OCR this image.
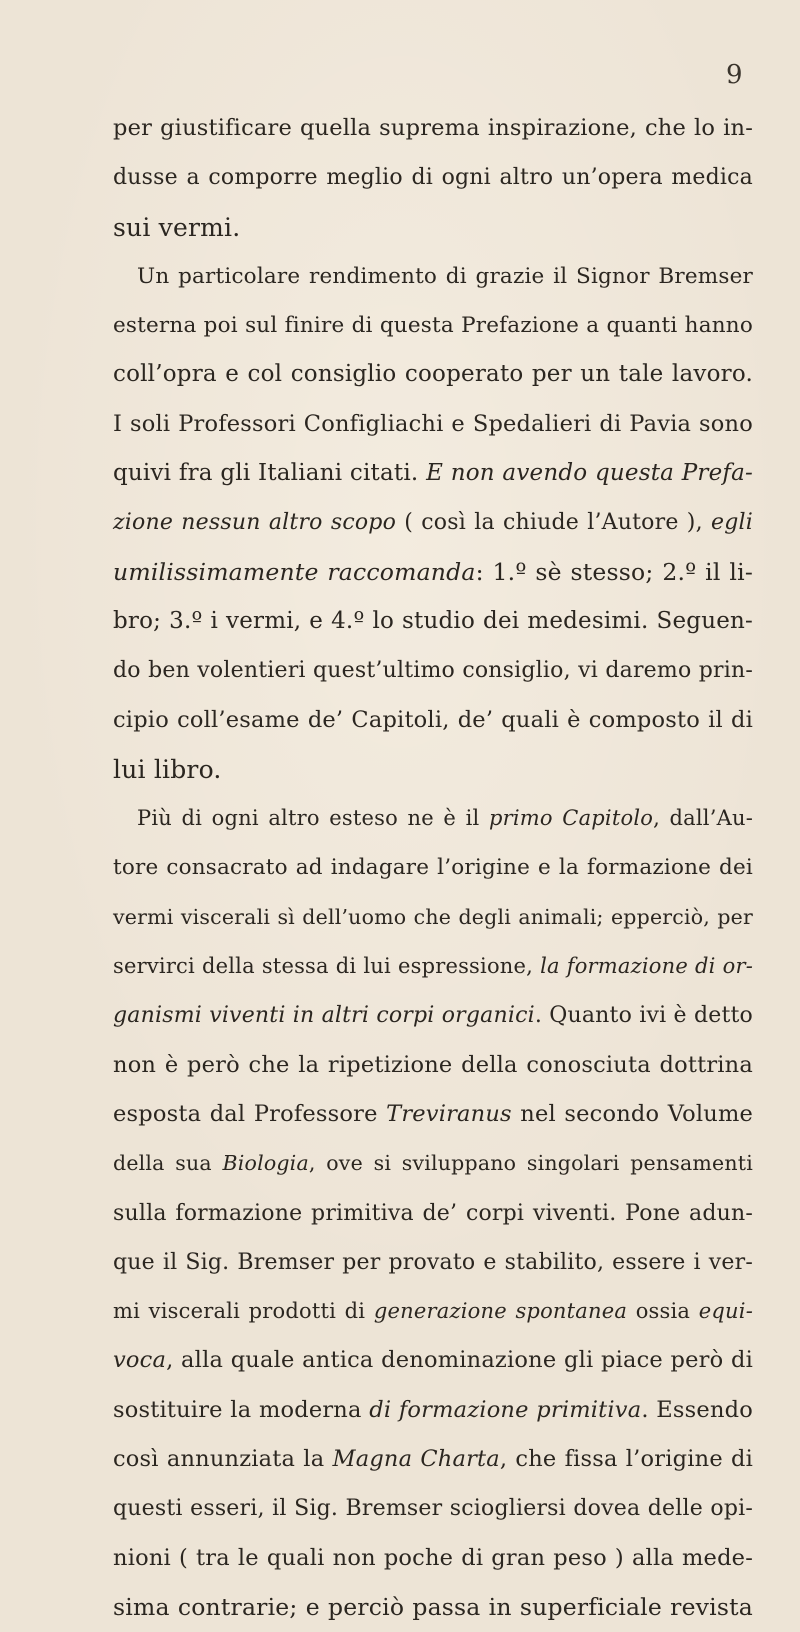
9
per giustificare quella suprema inspirazione, che lo in-
dusse a comporre meglio di ogni altro un’opera medica
sui vermi.
Un particolare rendimento di grazie il Signor Bremser
esterna poi sul finire di questa Prefazione a quanti hanno
coll’opra e col consiglio cooperato per un tale lavoro.
I soli Professori Configliachi e Spedalieri di Pavia sono
quivi fra gli Italiani citati. E non avendo questa Prefa-
zione nessun altro scopo ( così la chiude l’Autore ), egli
umilissimamente raccomanda: 1.º sè stesso; 2.º il li-
bro; 3.º i vermi, e 4.º lo studio dei medesimi. Seguen-
do ben volentieri quest’ultimo consiglio, vi daremo prin-
cipio coll’esame de’ Capitoli, de’ quali è composto il di
lui libro.
Più di ogni altro esteso ne è il primo Capitolo, dall’Au-
tore consacrato ad indagare l’origine e la formazione dei
vermi viscerali sì dell’uomo che degli animali; epperciò, per
servirci della stessa di lui espressione, la formazione di or-
ganismi viventi in altri corpi organici. Quanto ivi è detto
non è però che la ripetizione della conosciuta dottrina
esposta dal Professore Treviranus nel secondo Volume
della sua Biologia, ove si sviluppano singolari pensamenti
sulla formazione primitiva de’ corpi viventi. Pone adun-
que il Sig. Bremser per provato e stabilito, essere i ver-
mi viscerali prodotti di generazione spontanea ossia equi-
voca, alla quale antica denominazione gli piace però di
sostituire la moderna di formazione primitiva. Essendo
così annunziata la Magna Charta, che fissa l’origine di
questi esseri, il Sig. Bremser sciogliersi dovea delle opi-
nioni ( tra le quali non poche di gran peso ) alla mede-
sima contrarie; e perciò passa in superficiale revista
